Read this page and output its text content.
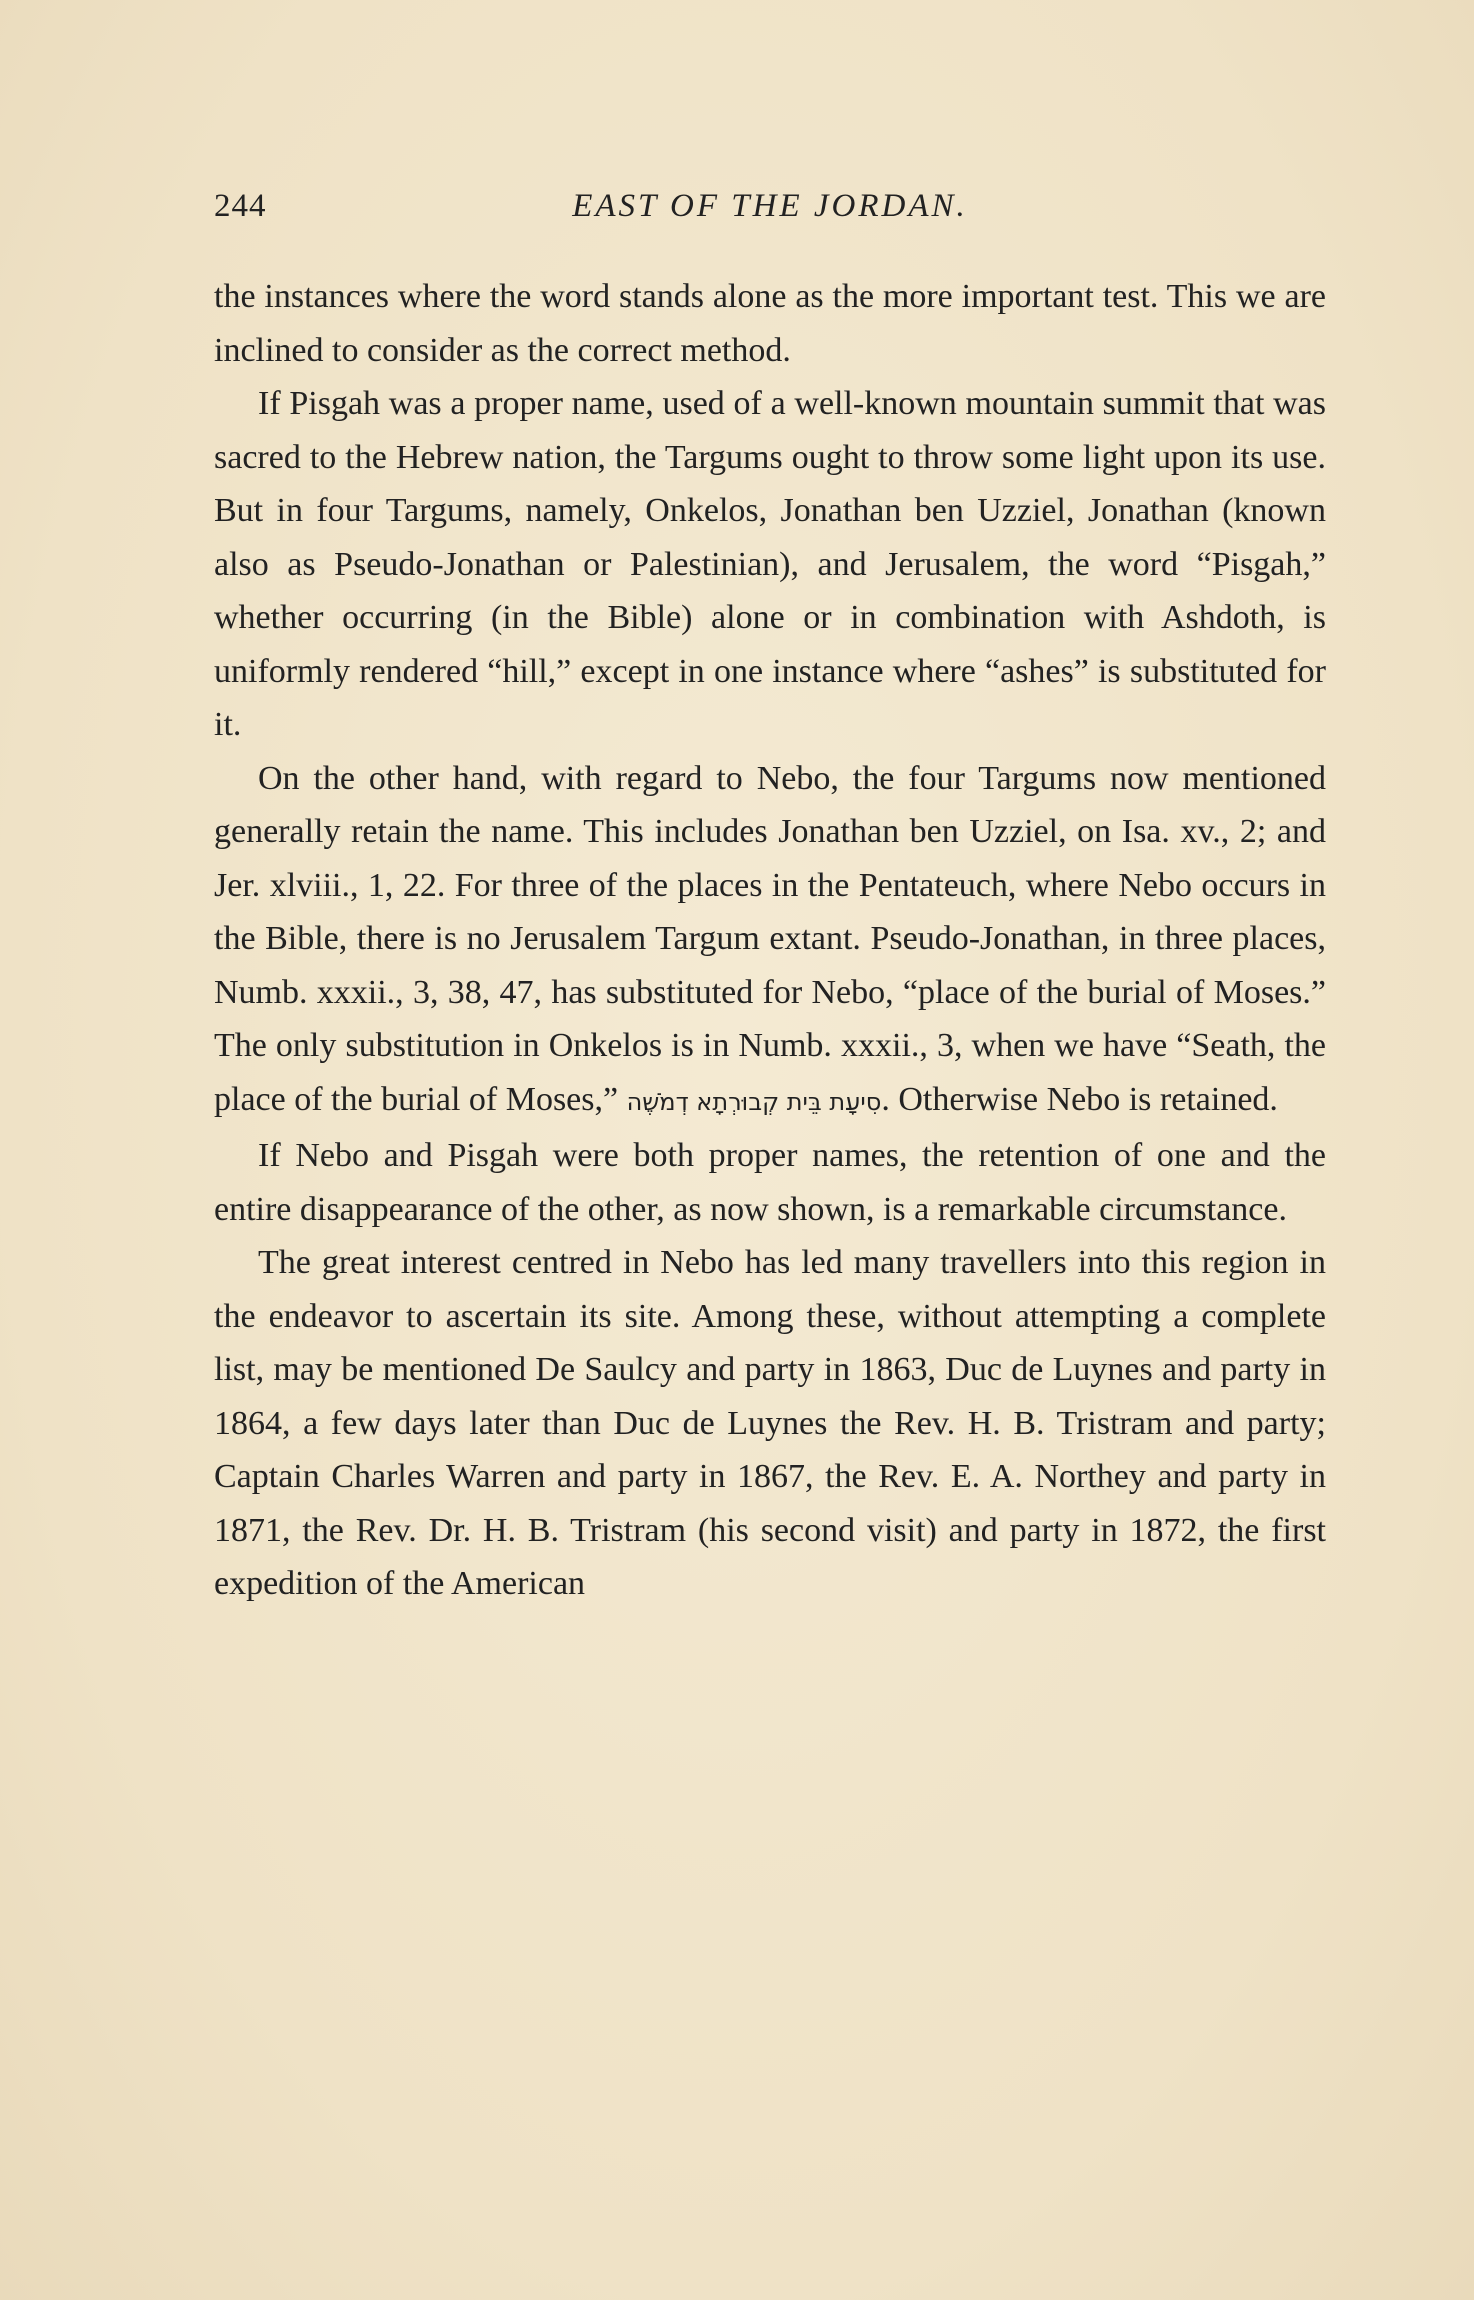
244	EAST OF THE JORDAN.

the instances where the word stands alone as the more important test. This we are inclined to consider as the correct method.

If Pisgah was a proper name, used of a well-known mountain summit that was sacred to the Hebrew nation, the Targums ought to throw some light upon its use. But in four Targums, namely, Onkelos, Jonathan ben Uzziel, Jonathan (known also as Pseudo-Jonathan or Palestinian), and Jerusalem, the word “Pisgah,” whether occurring (in the Bible) alone or in combination with Ashdoth, is uniformly rendered “hill,” except in one instance where “ashes” is substituted for it.

On the other hand, with regard to Nebo, the four Targums now mentioned generally retain the name. This includes Jonathan ben Uzziel, on Isa. xv., 2; and Jer. xlviii., 1, 22. For three of the places in the Pentateuch, where Nebo occurs in the Bible, there is no Jerusalem Targum extant. Pseudo-Jonathan, in three places, Numb. xxxii., 3, 38, 47, has substituted for Nebo, “place of the burial of Moses.” The only substitution in Onkelos is in Numb. xxxii., 3, when we have “Seath, the place of the burial of Moses,” סִיעָת בֵּית קְבוּרְתָא דְמֹשֶׁה. Otherwise Nebo is retained.

If Nebo and Pisgah were both proper names, the retention of one and the entire disappearance of the other, as now shown, is a remarkable circumstance.

The great interest centred in Nebo has led many travellers into this region in the endeavor to ascertain its site. Among these, without attempting a complete list, may be mentioned De Saulcy and party in 1863, Duc de Luynes and party in 1864, a few days later than Duc de Luynes the Rev. H. B. Tristram and party; Captain Charles Warren and party in 1867, the Rev. E. A. Northey and party in 1871, the Rev. Dr. H. B. Tristram (his second visit) and party in 1872, the first expedition of the American
